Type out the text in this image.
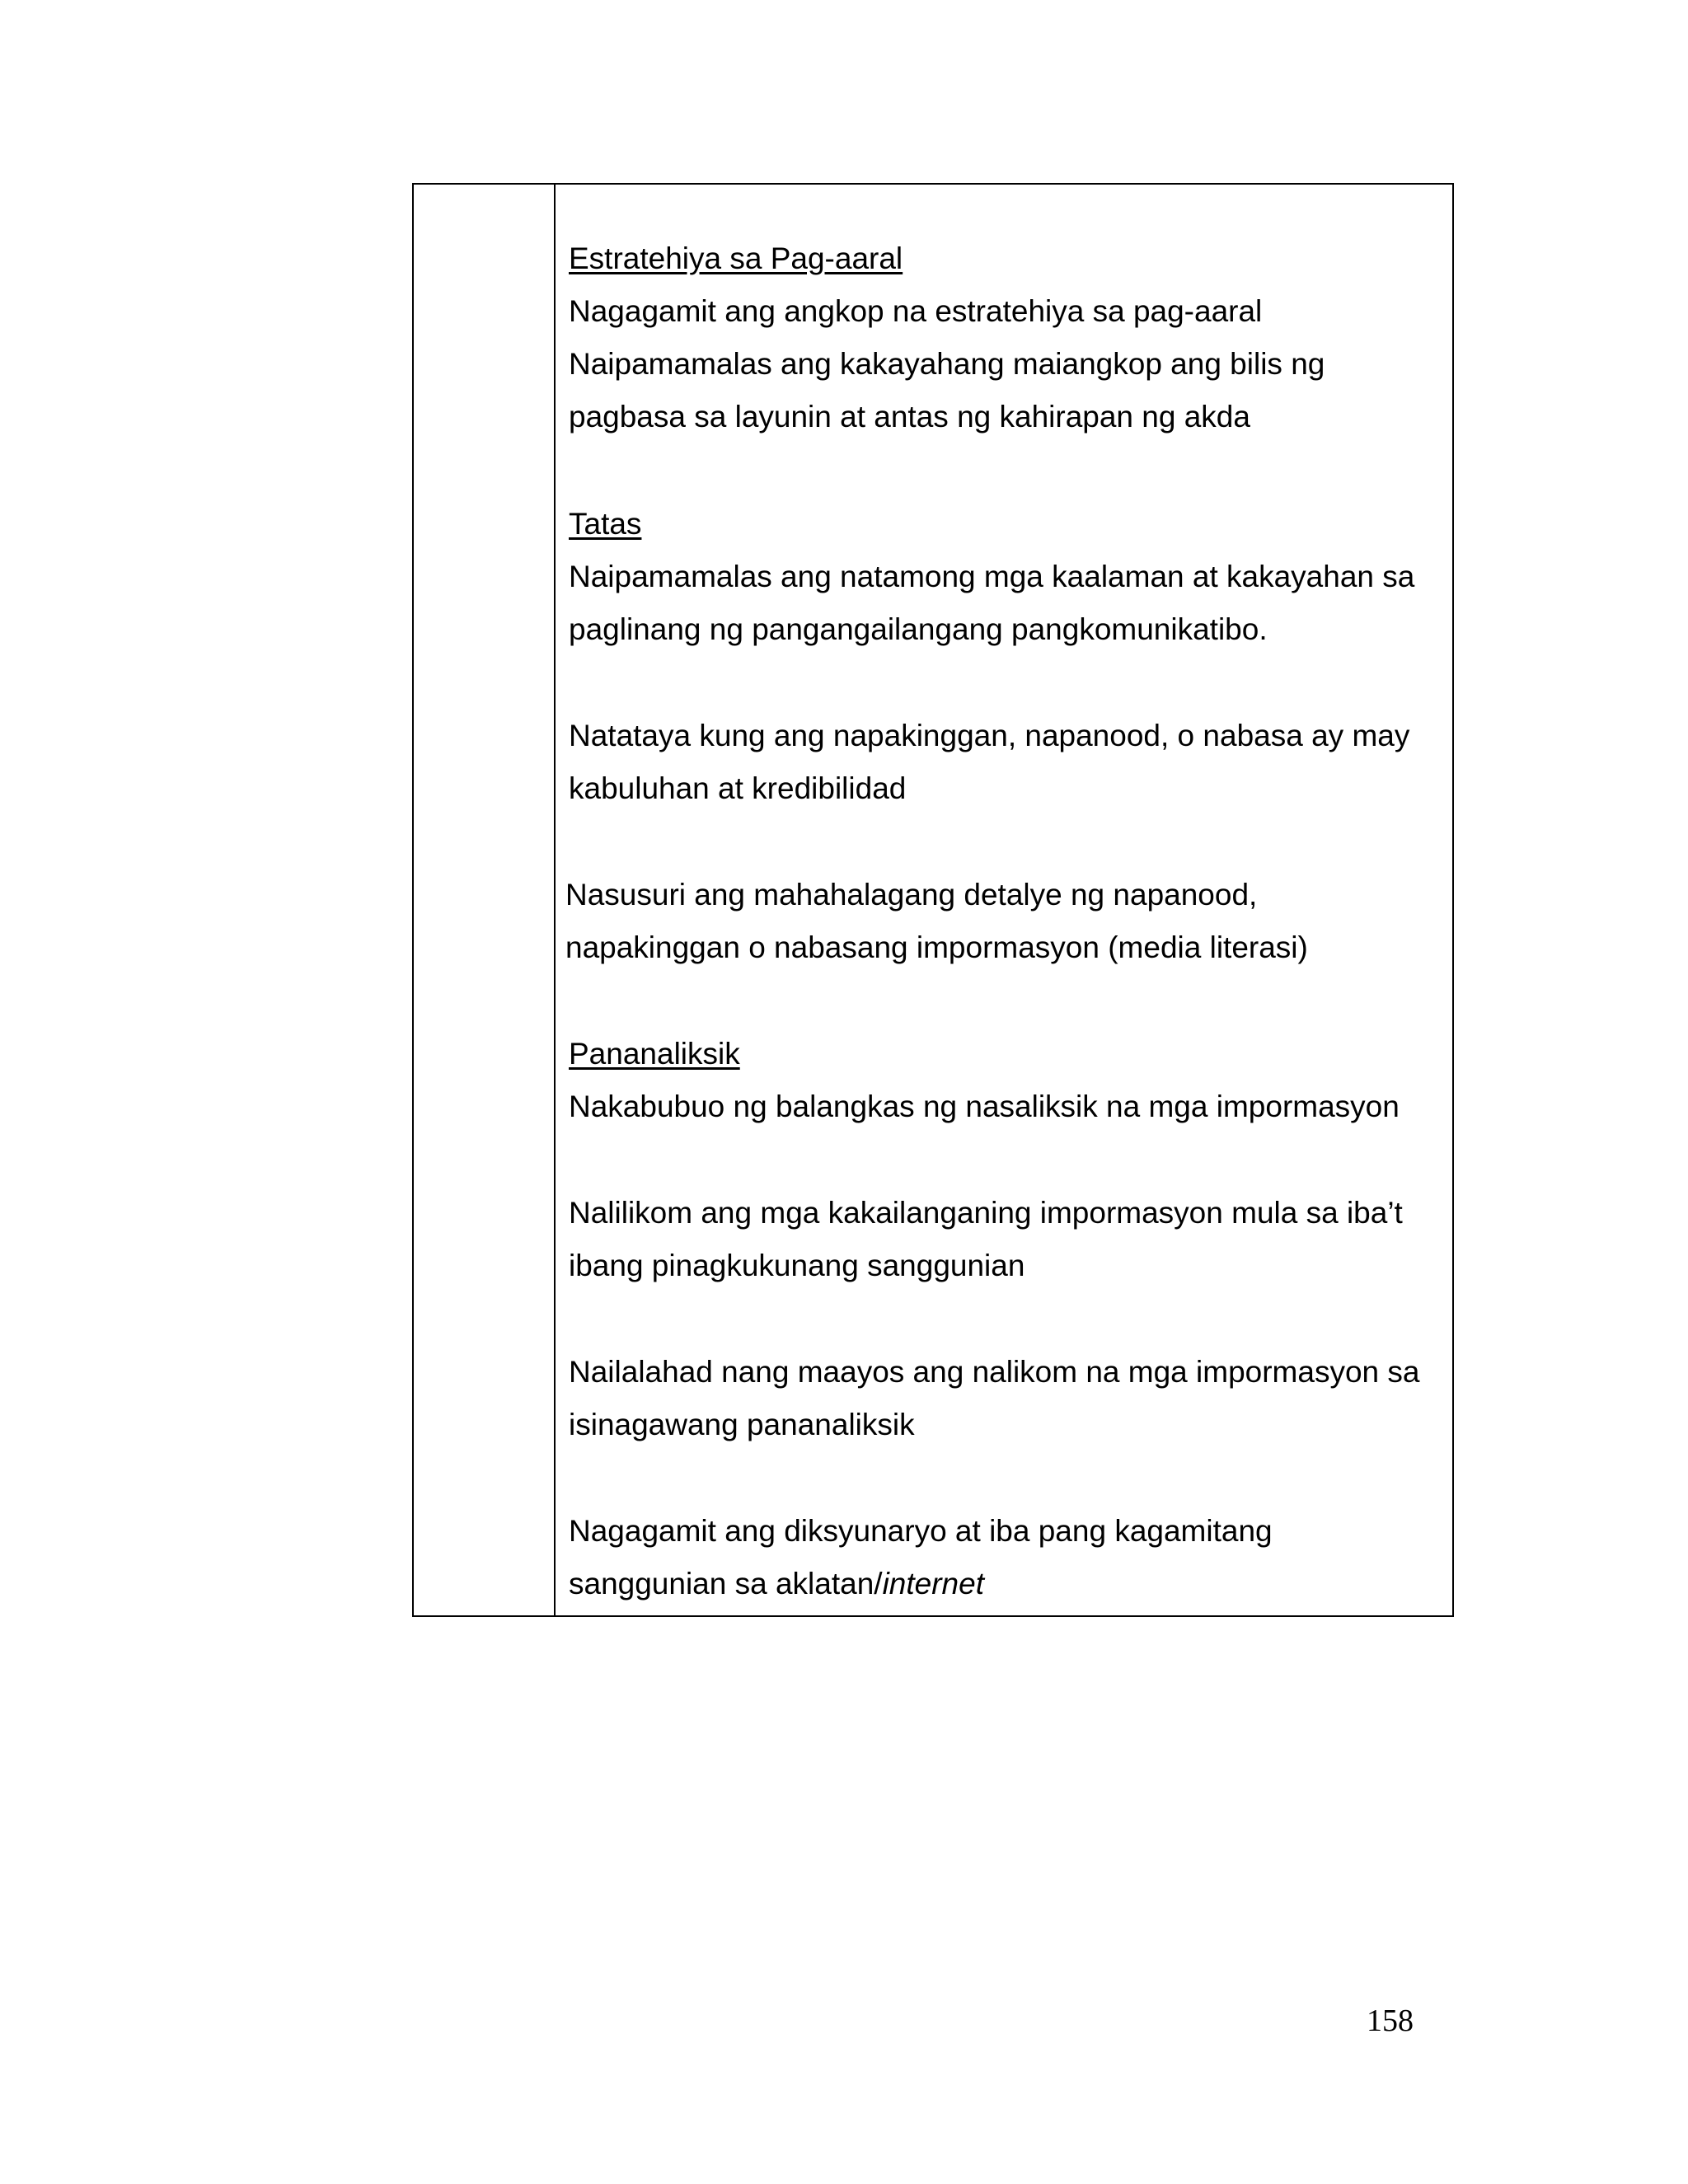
Estratehiya sa Pag-aaral
Nagagamit ang angkop na estratehiya sa pag-aaral
Naipamamalas ang kakayahang maiangkop ang bilis ng
pagbasa sa layunin at antas ng kahirapan ng akda
Tatas
Naipamamalas ang natamong mga kaalaman at kakayahan sa
paglinang ng pangangailangang pangkomunikatibo.
Natataya kung ang napakinggan, napanood, o nabasa ay may
kabuluhan at kredibilidad
Nasusuri ang mahahalagang detalye ng napanood,
napakinggan o nabasang impormasyon (media literasi)
Pananaliksik
Nakabubuo ng balangkas ng nasaliksik na mga impormasyon
Nalilikom ang mga kakailanganing impormasyon mula sa iba’t
ibang pinagkukunang sanggunian
Nailalahad nang maayos ang nalikom na mga impormasyon sa
isinagawang pananaliksik
Nagagamit ang diksyunaryo at iba pang kagamitang
sanggunian sa aklatan/internet
158
